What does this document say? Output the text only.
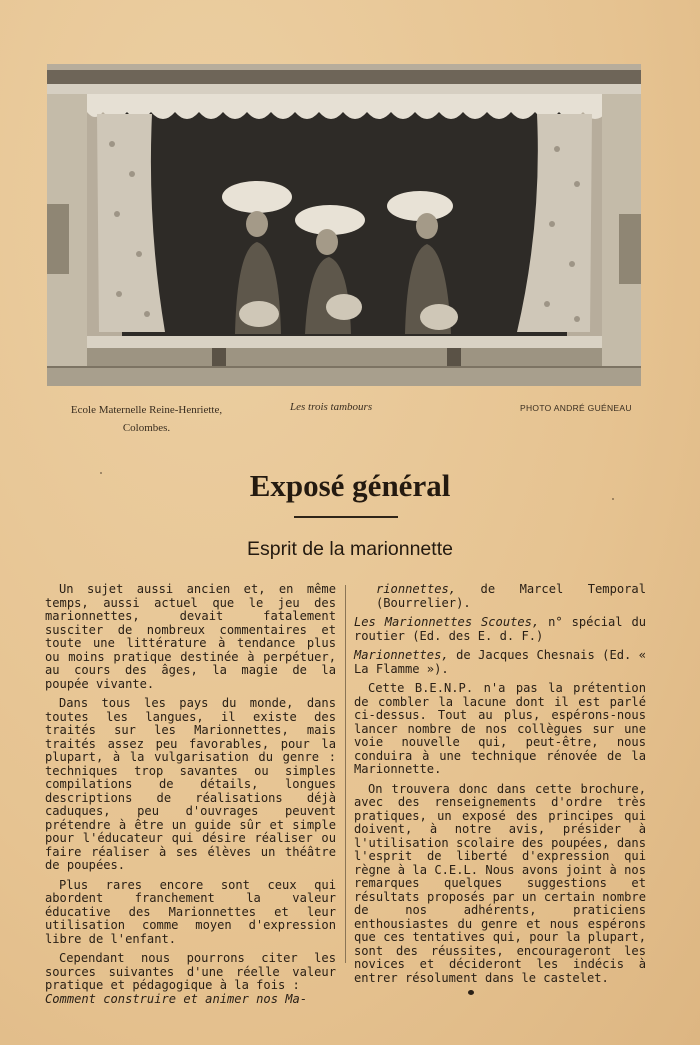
Ecole Maternelle Reine-Henriette,
Colombes.
Les trois tambours	PHOTO ANDRÉ GUÉNEAU
Exposé général
Esprit de la marionnette

Un sujet aussi ancien et, en même temps, aussi actuel que le jeu des marionnettes, devait fatalement susciter de nombreux commentaires et toute une littérature à tendance plus ou moins pratique destinée à perpétuer, au cours des âges, la magie de la poupée vivante.

Dans tous les pays du monde, dans toutes les langues, il existe des traités sur les Marionnettes, mais traités assez peu favorables, pour la plupart, à la vulgarisation du genre : techniques trop savantes ou simples compilations de détails, longues descriptions de réalisations déjà caduques, peu d'ouvrages peuvent prétendre à être un guide sûr et simple pour l'éducateur qui désire réaliser ou faire réaliser à ses élèves un théâtre de poupées.

Plus rares encore sont ceux qui abordent franchement la valeur éducative des Marionnettes et leur utilisation comme moyen d'expression libre de l'enfant.

Cependant nous pourrons citer les sources suivantes d'une réelle valeur pratique et pédagogique à la fois :
Comment construire et animer nos Ma-

rionnettes, de Marcel Temporal (Bourrelier).

Les Marionnettes Scoutes, n° spécial du routier (Ed. des E. d. F.)

Marionnettes, de Jacques Chesnais (Ed. « La Flamme »).

Cette B.E.N.P. n'a pas la prétention de combler la lacune dont il est parlé ci-dessus. Tout au plus, espérons-nous lancer nombre de nos collègues sur une voie nouvelle qui, peut-être, nous conduira à une technique rénovée de la Marionnette.

On trouvera donc dans cette brochure, avec des renseignements d'ordre très pratiques, un exposé des principes qui doivent, à notre avis, présider à l'utilisation scolaire des poupées, dans l'esprit de liberté d'expression qui règne à la C.E.L. Nous avons joint à nos remarques quelques suggestions et résultats proposés par un certain nombre de nos adhérents, praticiens enthousiastes du genre et nous espérons que ces tentatives qui, pour la plupart, sont des réussites, encourageront les novices et décideront les indécis à entrer résolument dans le castelet.
